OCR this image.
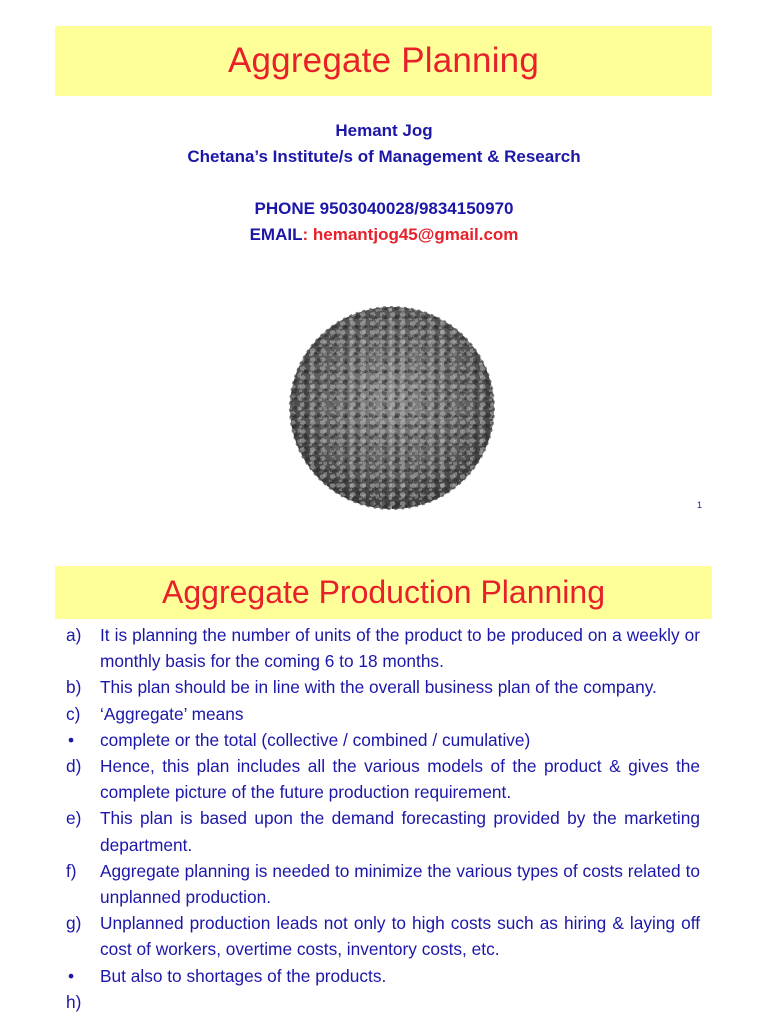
Aggregate Planning
Hemant Jog
Chetana’s Institute/s of Management & Research
PHONE 9503040028/9834150970
EMAIL: hemantjog45@gmail.com
1
Aggregate Production Planning
a)	It is planning the number of units of the product to be produced on a weekly or monthly basis for the coming 6 to 18 months.
b)	This plan should be in line with the overall business plan of the company.
c)	‘Aggregate’ means
•	complete or the total (collective / combined / cumulative)
d)	Hence, this plan includes all the various models of the product & gives the complete picture of the future production requirement.
e)	This plan is based upon the demand forecasting provided by the marketing department.
f)	Aggregate planning is needed to minimize the various types of costs related to unplanned production.
g)	Unplanned production leads not only to high costs such as hiring & laying off cost of workers, overtime costs, inventory costs, etc.
•	But also to shortages of the products.
h)
